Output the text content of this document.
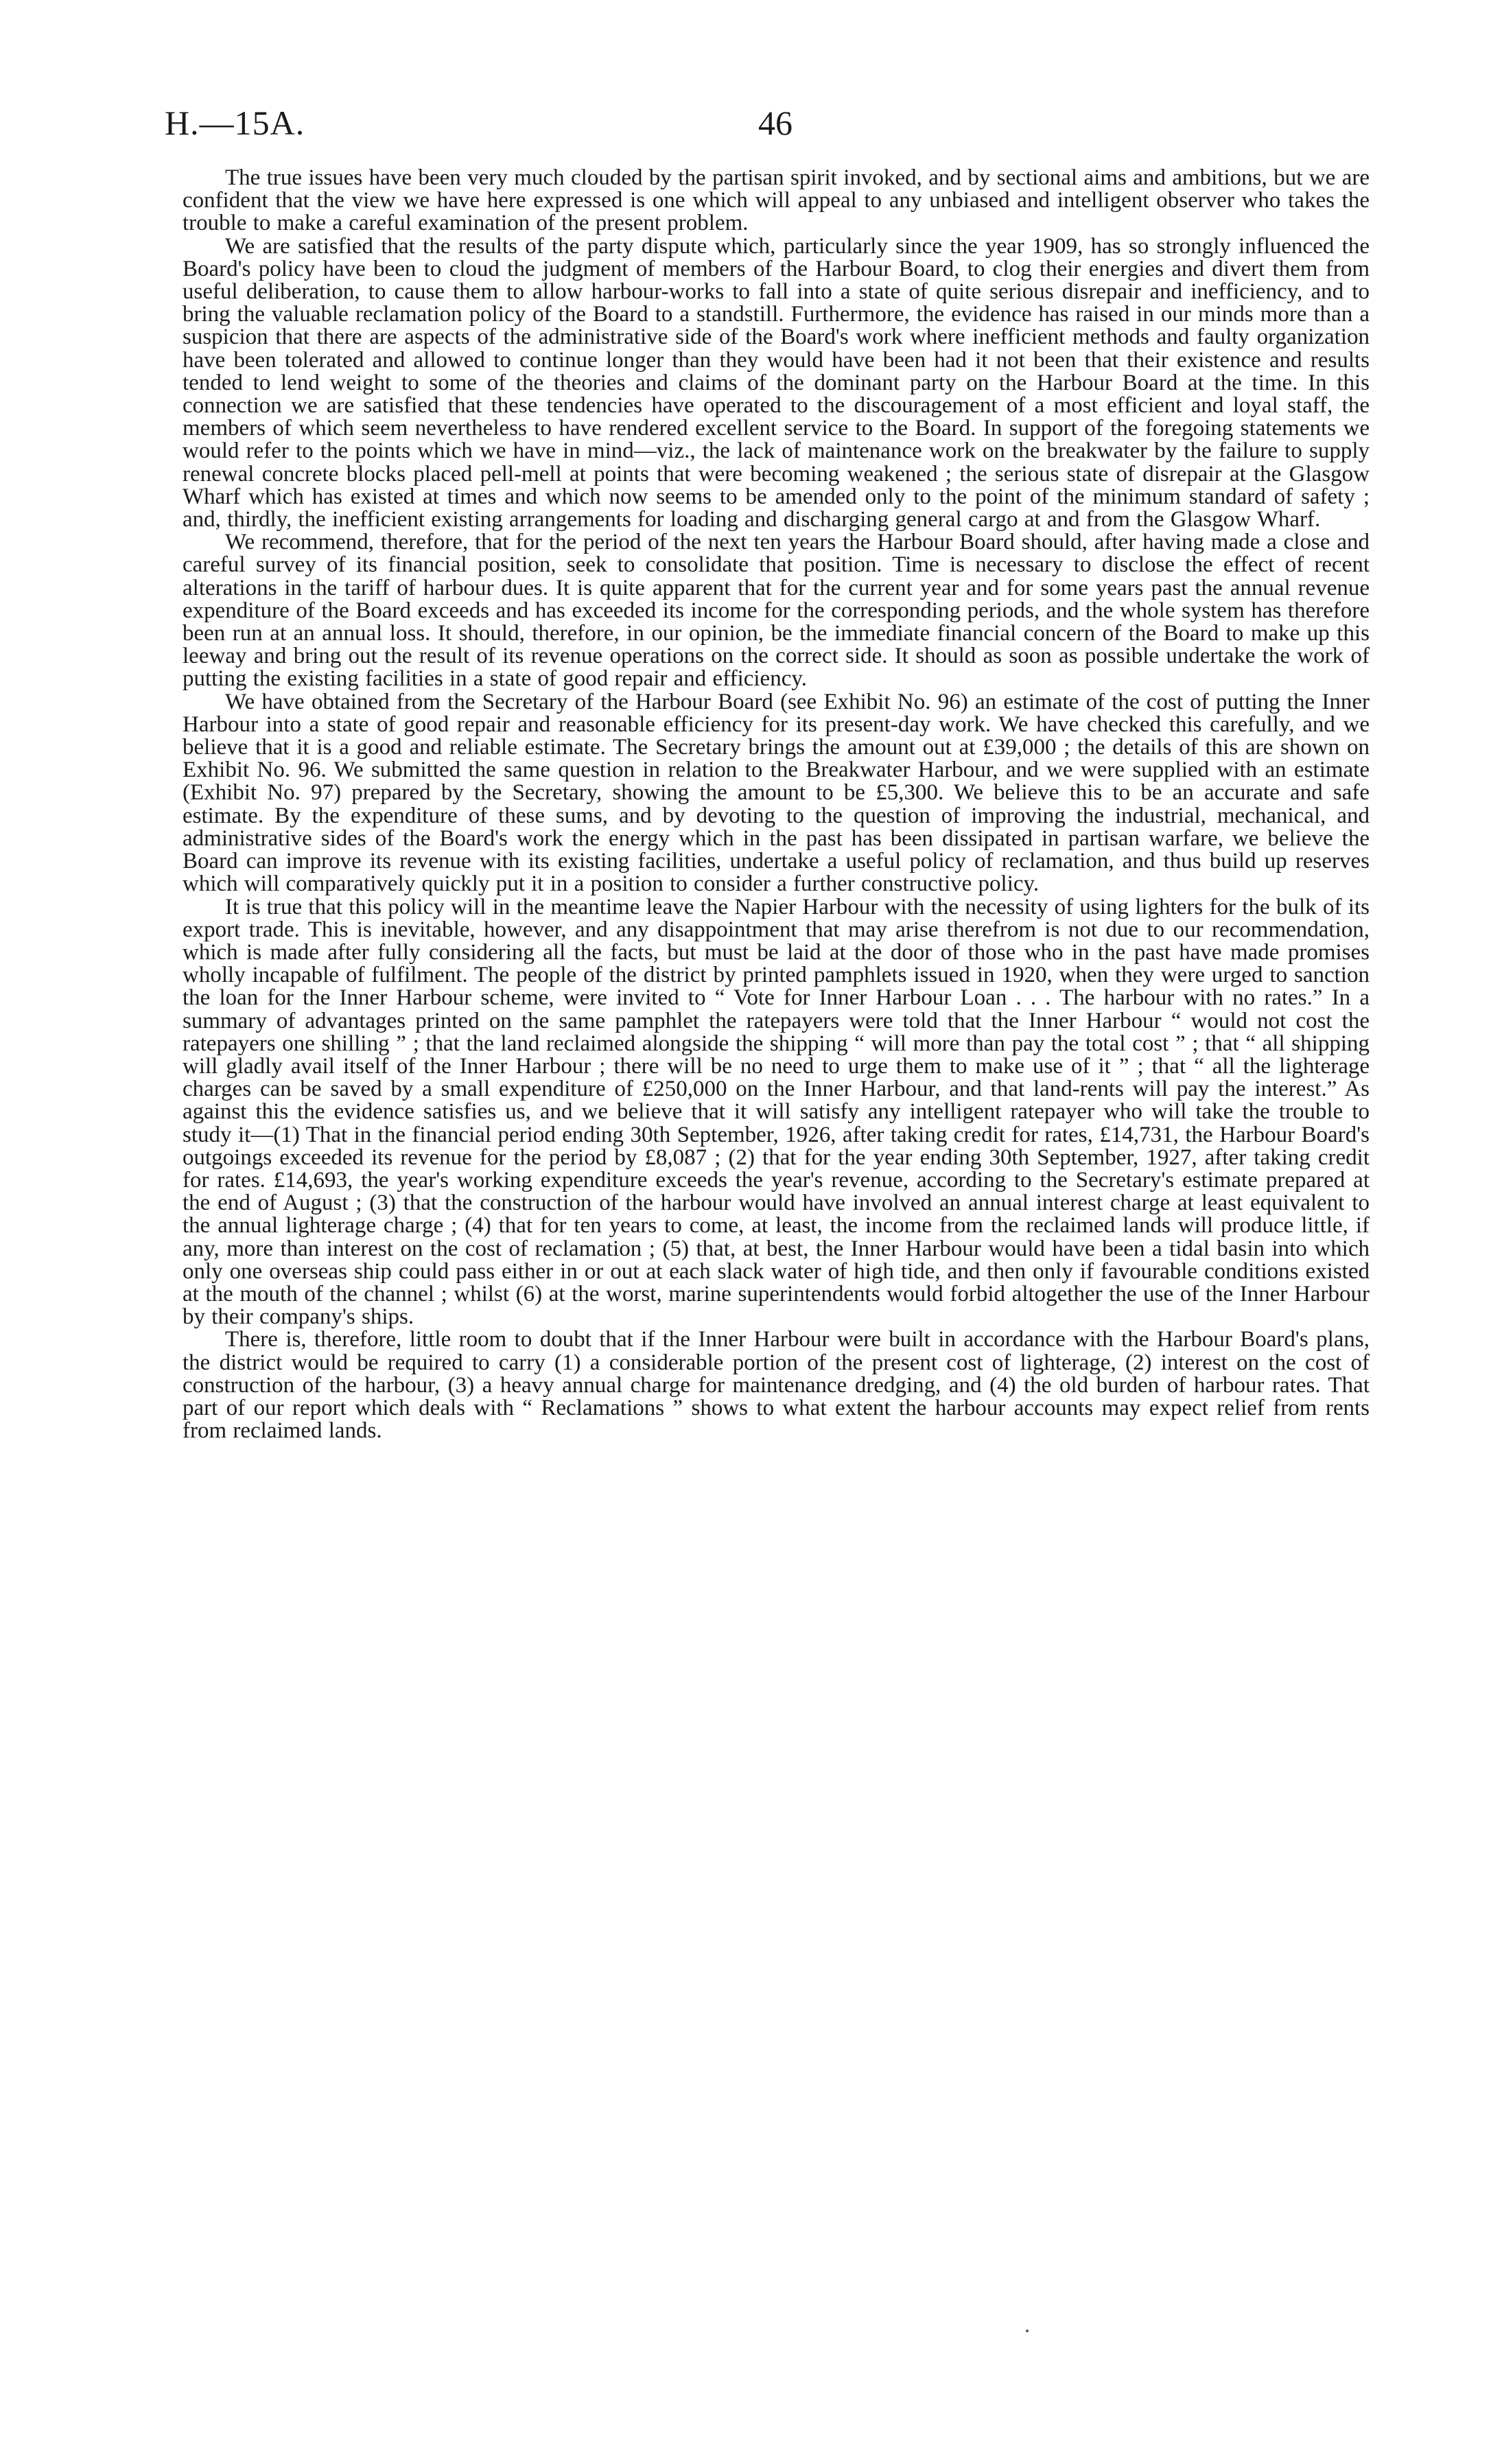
H.—15A.	46

The true issues have been very much clouded by the partisan spirit invoked, and by sectional aims and ambitions, but we are confident that the view we have here expressed is one which will appeal to any unbiased and intelligent observer who takes the trouble to make a careful examination of the present problem.

We are satisfied that the results of the party dispute which, particularly since the year 1909, has so strongly influenced the Board's policy have been to cloud the judgment of members of the Harbour Board, to clog their energies and divert them from useful deliberation, to cause them to allow harbour-works to fall into a state of quite serious disrepair and inefficiency, and to bring the valuable reclamation policy of the Board to a standstill. Furthermore, the evidence has raised in our minds more than a suspicion that there are aspects of the administrative side of the Board's work where inefficient methods and faulty organization have been tolerated and allowed to continue longer than they would have been had it not been that their existence and results tended to lend weight to some of the theories and claims of the dominant party on the Harbour Board at the time. In this connection we are satisfied that these tendencies have operated to the discouragement of a most efficient and loyal staff, the members of which seem nevertheless to have rendered excellent service to the Board. In support of the foregoing statements we would refer to the points which we have in mind—viz., the lack of maintenance work on the breakwater by the failure to supply renewal concrete blocks placed pell-mell at points that were becoming weakened ; the serious state of disrepair at the Glasgow Wharf which has existed at times and which now seems to be amended only to the point of the minimum standard of safety ; and, thirdly, the inefficient existing arrangements for loading and discharging general cargo at and from the Glasgow Wharf.

We recommend, therefore, that for the period of the next ten years the Harbour Board should, after having made a close and careful survey of its financial position, seek to consolidate that position. Time is necessary to disclose the effect of recent alterations in the tariff of harbour dues. It is quite apparent that for the current year and for some years past the annual revenue expenditure of the Board exceeds and has exceeded its income for the corresponding periods, and the whole system has therefore been run at an annual loss. It should, therefore, in our opinion, be the immediate financial concern of the Board to make up this leeway and bring out the result of its revenue operations on the correct side. It should as soon as possible undertake the work of putting the existing facilities in a state of good repair and efficiency.

We have obtained from the Secretary of the Harbour Board (see Exhibit No. 96) an estimate of the cost of putting the Inner Harbour into a state of good repair and reasonable efficiency for its present-day work. We have checked this carefully, and we believe that it is a good and reliable estimate. The Secretary brings the amount out at £39,000 ; the details of this are shown on Exhibit No. 96. We submitted the same question in relation to the Breakwater Harbour, and we were supplied with an estimate (Exhibit No. 97) prepared by the Secretary, showing the amount to be £5,300. We believe this to be an accurate and safe estimate. By the expenditure of these sums, and by devoting to the question of improving the industrial, mechanical, and administrative sides of the Board's work the energy which in the past has been dissipated in partisan warfare, we believe the Board can improve its revenue with its existing facilities, undertake a useful policy of reclamation, and thus build up reserves which will comparatively quickly put it in a position to consider a further constructive policy.

It is true that this policy will in the meantime leave the Napier Harbour with the necessity of using lighters for the bulk of its export trade. This is inevitable, however, and any disappointment that may arise therefrom is not due to our recommendation, which is made after fully considering all the facts, but must be laid at the door of those who in the past have made promises wholly incapable of fulfilment. The people of the district by printed pamphlets issued in 1920, when they were urged to sanction the loan for the Inner Harbour scheme, were invited to “ Vote for Inner Harbour Loan . . . The harbour with no rates.” In a summary of advantages printed on the same pamphlet the ratepayers were told that the Inner Harbour “ would not cost the ratepayers one shilling ” ; that the land reclaimed alongside the shipping “ will more than pay the total cost ” ; that “ all shipping will gladly avail itself of the Inner Harbour ; there will be no need to urge them to make use of it ” ; that “ all the lighterage charges can be saved by a small expenditure of £250,000 on the Inner Harbour, and that land-rents will pay the interest.” As against this the evidence satisfies us, and we believe that it will satisfy any intelligent ratepayer who will take the trouble to study it—(1) That in the financial period ending 30th September, 1926, after taking credit for rates, £14,731, the Harbour Board's outgoings exceeded its revenue for the period by £8,087 ; (2) that for the year ending 30th September, 1927, after taking credit for rates. £14,693, the year's working expenditure exceeds the year's revenue, according to the Secretary's estimate prepared at the end of August ; (3) that the construction of the harbour would have involved an annual interest charge at least equivalent to the annual lighterage charge ; (4) that for ten years to come, at least, the income from the reclaimed lands will produce little, if any, more than interest on the cost of reclamation ; (5) that, at best, the Inner Harbour would have been a tidal basin into which only one overseas ship could pass either in or out at each slack water of high tide, and then only if favourable conditions existed at the mouth of the channel ; whilst (6) at the worst, marine superintendents would forbid altogether the use of the Inner Harbour by their company's ships.

There is, therefore, little room to doubt that if the Inner Harbour were built in accordance with the Harbour Board's plans, the district would be required to carry (1) a considerable portion of the present cost of lighterage, (2) interest on the cost of construction of the harbour, (3) a heavy annual charge for maintenance dredging, and (4) the old burden of harbour rates. That part of our report which deals with “ Reclamations ” shows to what extent the harbour accounts may expect relief from rents from reclaimed lands.
